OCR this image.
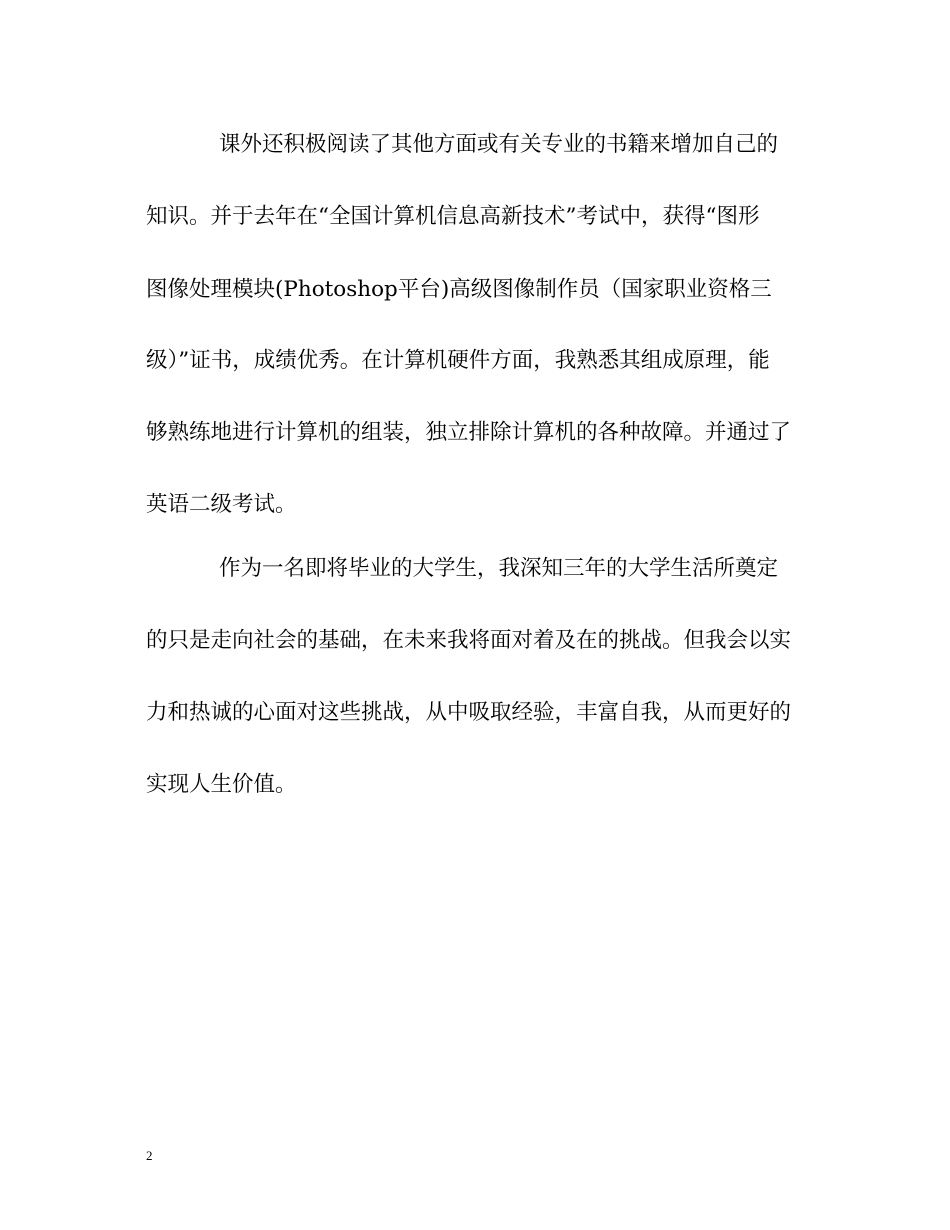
课外还积极阅读了其他方面或有关专业的书籍来增加自己的
知识。并于去年在“全国计算机信息高新技术”考试中，获得“图形
图像处理模块(Photoshop平台)高级图像制作员（国家职业资格三
级）”证书，成绩优秀。在计算机硬件方面，我熟悉其组成原理，能
够熟练地进行计算机的组装，独立排除计算机的各种故障。并通过了
英语二级考试。
作为一名即将毕业的大学生，我深知三年的大学生活所奠定
的只是走向社会的基础，在未来我将面对着及在的挑战。但我会以实
力和热诚的心面对这些挑战，从中吸取经验，丰富自我，从而更好的
实现人生价值。
2
